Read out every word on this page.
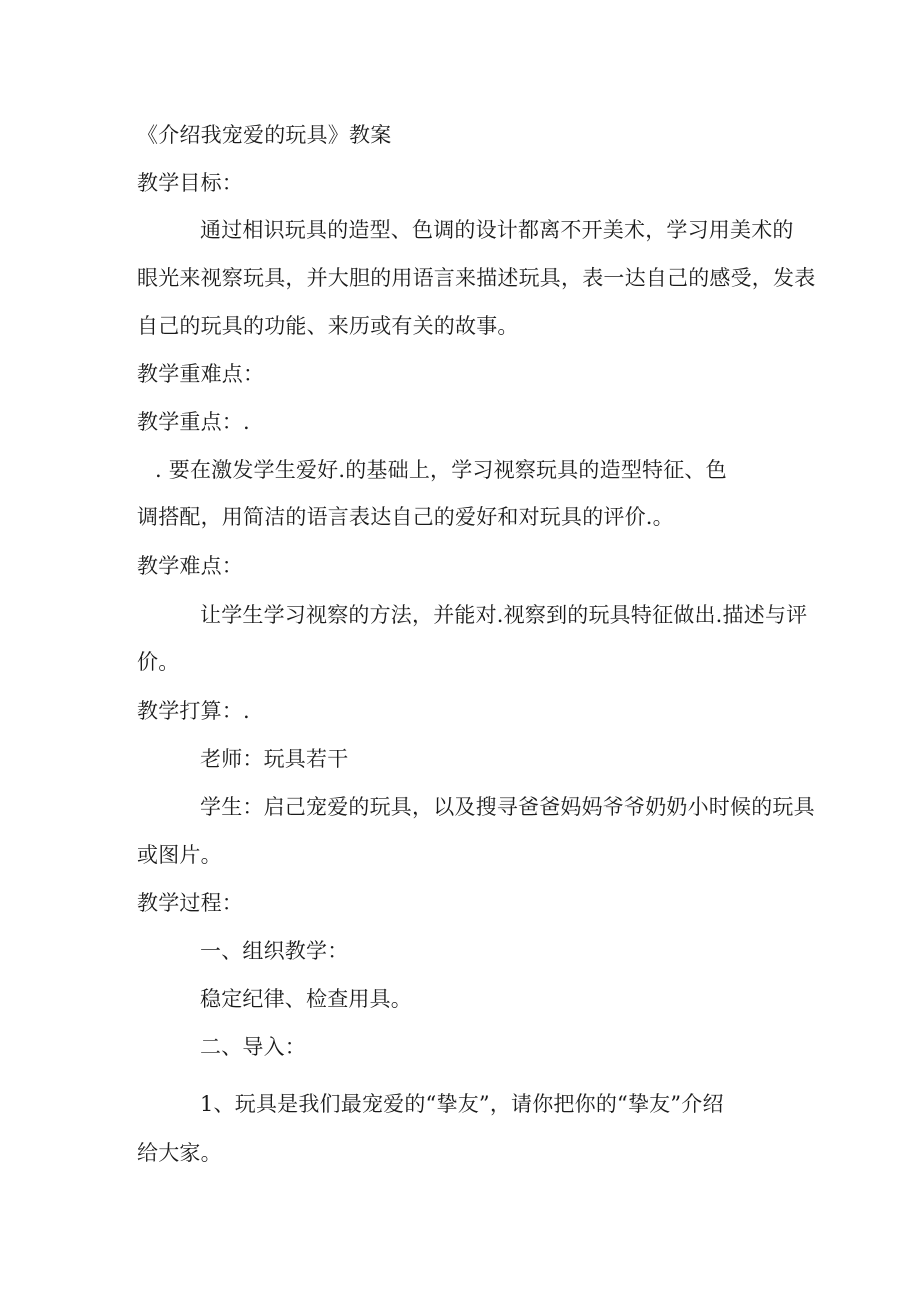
《介绍我宠爱的玩具》教案
教学目标：
通过相识玩具的造型、色调的设计都离不开美术，学习用美术的
眼光来视察玩具，并大胆的用语言来描述玩具，表一达自己的感受，发表
自己的玩具的功能、来历或有关的故事。
教学重难点：
教学重点：.
. 要在激发学生爱好.的基础上，学习视察玩具的造型特征、色
调搭配，用简洁的语言表达自己的爱好和对玩具的评价.。
教学难点：
让学生学习视察的方法，并能对.视察到的玩具特征做出.描述与评
价。
教学打算：.
老师：玩具若干
学生：启己宠爱的玩具，以及搜寻爸爸妈妈爷爷奶奶小时候的玩具
或图片。
教学过程：
一、组织教学：
稳定纪律、检查用具。
二、导入：
1、玩具是我们最宠爱的“挚友”，请你把你的“挚友”介绍
给大家。
